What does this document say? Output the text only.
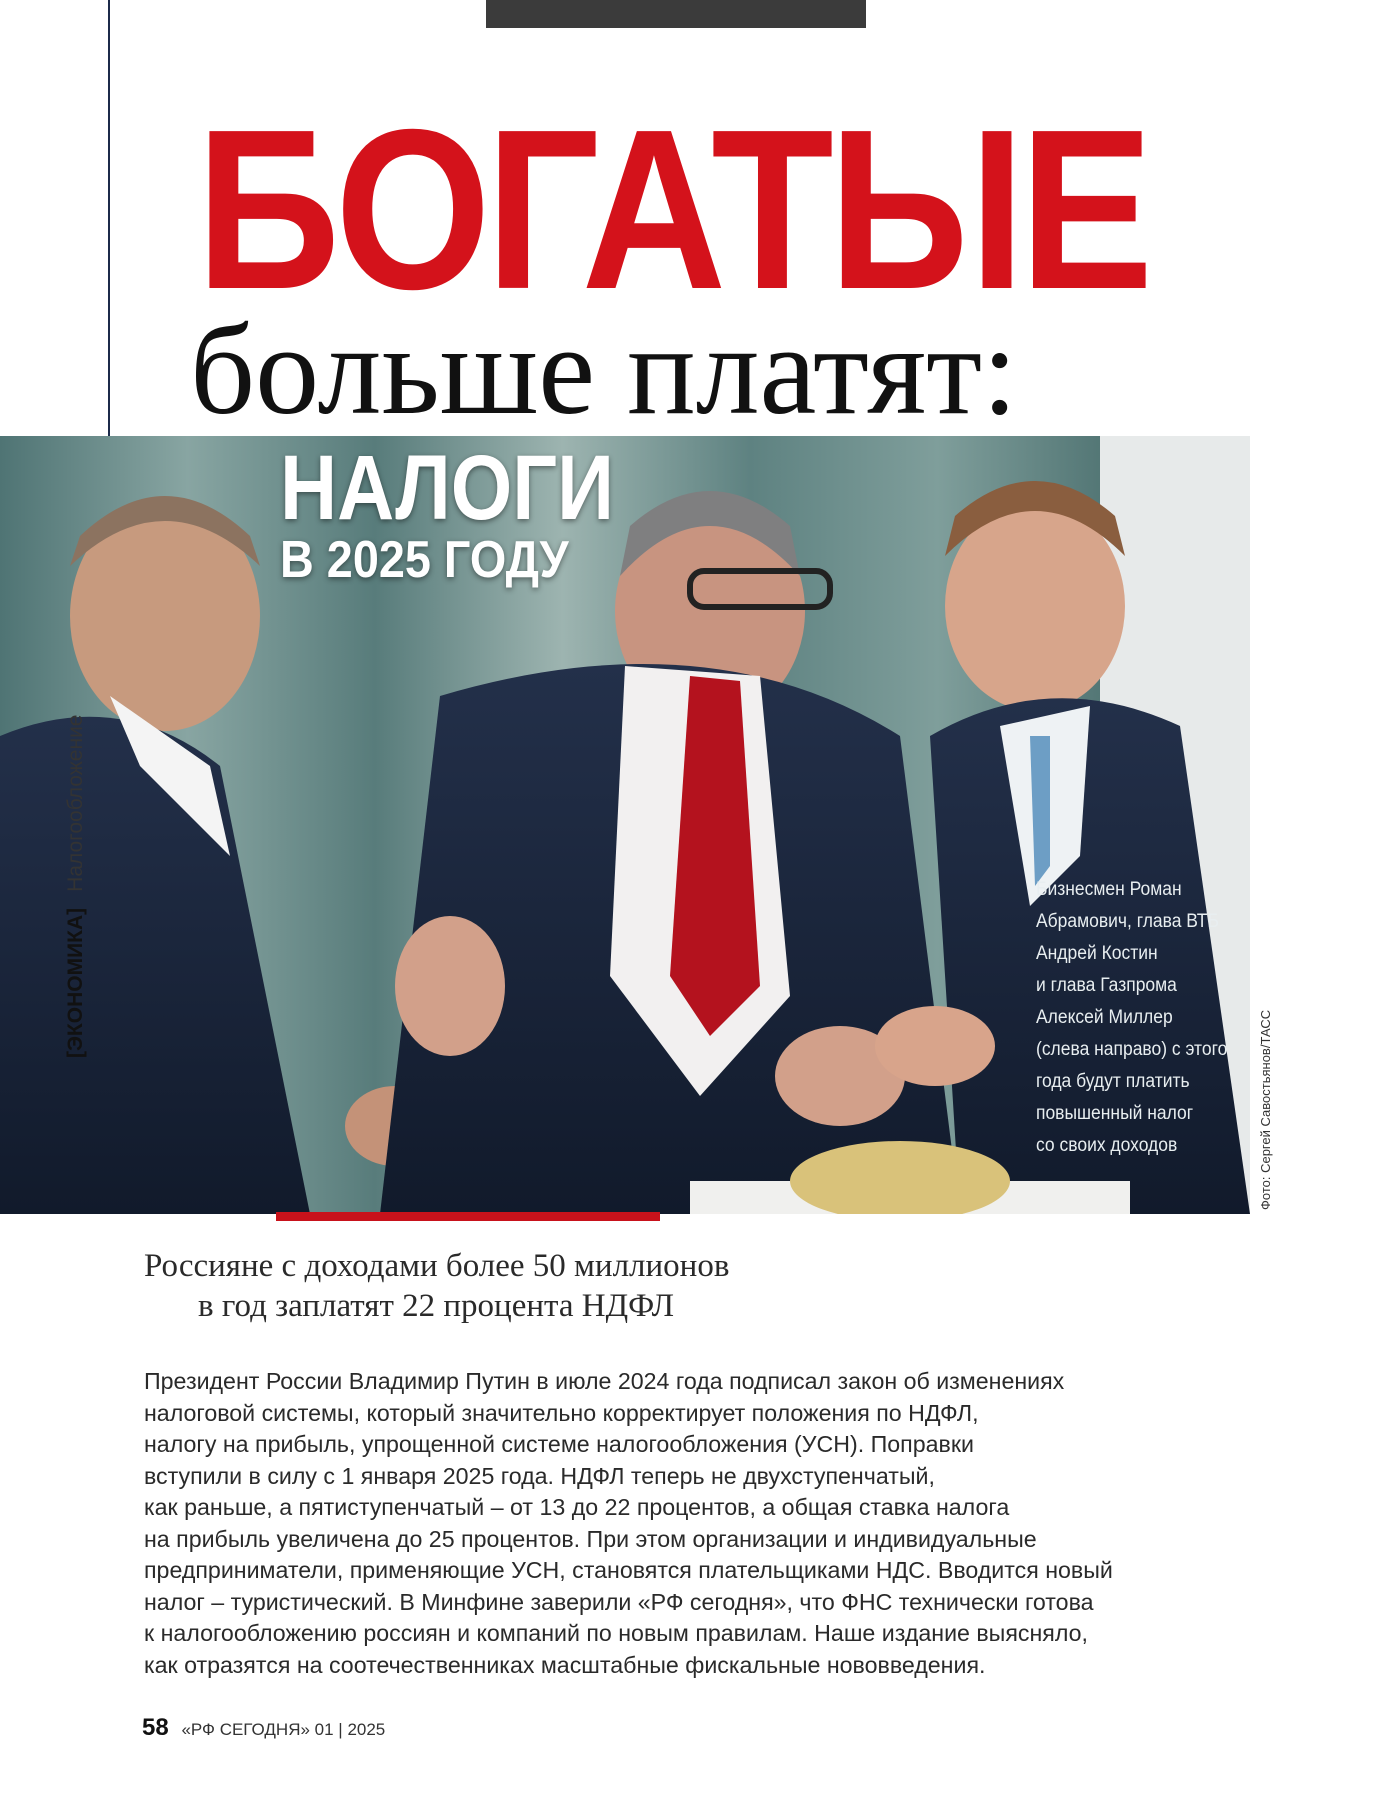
БОГАТЫЕ
больше платят:
НАЛОГИ
В 2025 ГОДУ
Бизнесмен Роман
Абрамович, глава ВТБ
Андрей Костин
и глава Газпрома
Алексей Миллер
(слева направо) с этого
года будут платить
повышенный налог
со своих доходов	Фото: Сергей Савостьянов/ТАСС
[ЭКОНОМИКА]Налогообложение
Россияне с доходами более 50 миллионов
в год заплатят 22 процента НДФЛ
Президент России Владимир Путин в июле 2024 года подписал закон об изменениях
налоговой системы, который значительно корректирует положения по НДФЛ,
налогу на прибыль, упрощенной системе налогообложения (УСН). Поправки
вступили в силу с 1 января 2025 года. НДФЛ теперь не двухступенчатый,
как раньше, а пятиступенчатый – от 13 до 22 процентов, а общая ставка налога
на прибыль увеличена до 25 процентов. При этом организации и индивидуальные
предприниматели, применяющие УСН, становятся плательщиками НДС. Вводится новый
налог – туристический. В Минфине заверили «РФ сегодня», что ФНС технически готова
к налогообложению россиян и компаний по новым правилам. Наше издание выясняло,
как отразятся на соотечественниках масштабные фискальные нововведения.
58 «РФ СЕГОДНЯ» 01 | 2025
